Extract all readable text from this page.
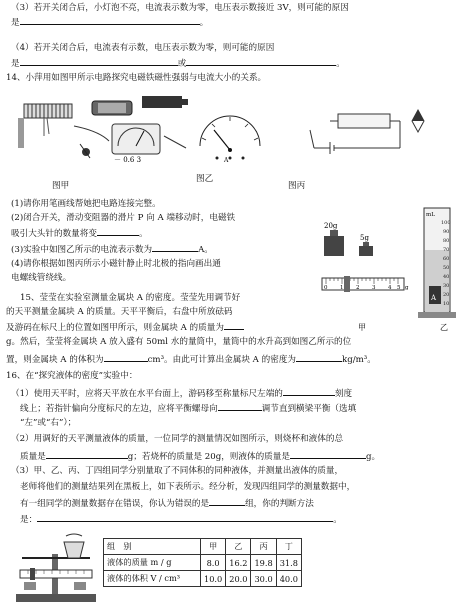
（3）若开关闭合后，小灯泡不亮，电流表示数为零，电压表示数接近 3V，则可能的原因
是	。
（4）若开关闭合后，电流表有示数，电压表示数为零，则可能的原因
是	或	。
14、小萍用如图甲所示电路探究电磁铁磁性强弱与电流大小的关系。
－ 0.6 3	A
图甲
图乙
图丙
(1)请你用笔画线帮她把电路连接完整。
(2)闭合开关，滑动变阻器的滑片 P 向 A 端移动时，电磁铁
吸引大头针的数量将变	。
(3)实验中如图乙所示的电流表示数为	A。
(4)请你根据如图丙所示小磁针静止时北极的指向画出通
电螺线管绕线。
20g
5g
0 1 2 3 4 5 g
甲
mL
100
90
80
70
60
50
40
30
20
10
A
乙
15、莹莹在实验室测量金属块 A 的密度。莹莹先用调节好
的天平测量金属块 A 的质量。天平平衡后，右盘中所放砝码
及游码在标尺上的位置如图甲所示，则金属块 A 的质量为
g。然后，莹莹将金属块 A 放入盛有 50ml 水的量筒中，量筒中的水升高到如图乙所示的位
置，则金属块 A 的体积为	cm³。由此可计算出金属块 A 的密度为	kg/m³。
16、在“探究液体的密度”实验中：
（1）使用天平时，应将天平放在水平台面上，游码移至称量标尺左端的	刻度
线上；若指针偏向分度标尺的左边，应将平衡螺母向	调节直到横梁平衡（选填
“左”或“右”）；
（2）用调好的天平测量液体的质量，一位同学的测量情况如图所示，则烧杯和液体的总
质量是	g；若烧杯的质量是 20g，则液体的质量是	g。
（3）甲、乙、丙、丁四组同学分别量取了不同体积的同种液体，并测量出液体的质量，
老师将他们的测量结果列在黑板上，如下表所示。经分析，发现四组同学的测量数据中，
有一组同学的测量数据存在错误，你认为错误的是	组，你的判断方法
是：	。
组　别	甲	乙	丙	丁
液体的质量 m / g	8.0	16.2	19.8	31.8
液体的体积 V / cm³	10.0	20.0	30.0	40.0
